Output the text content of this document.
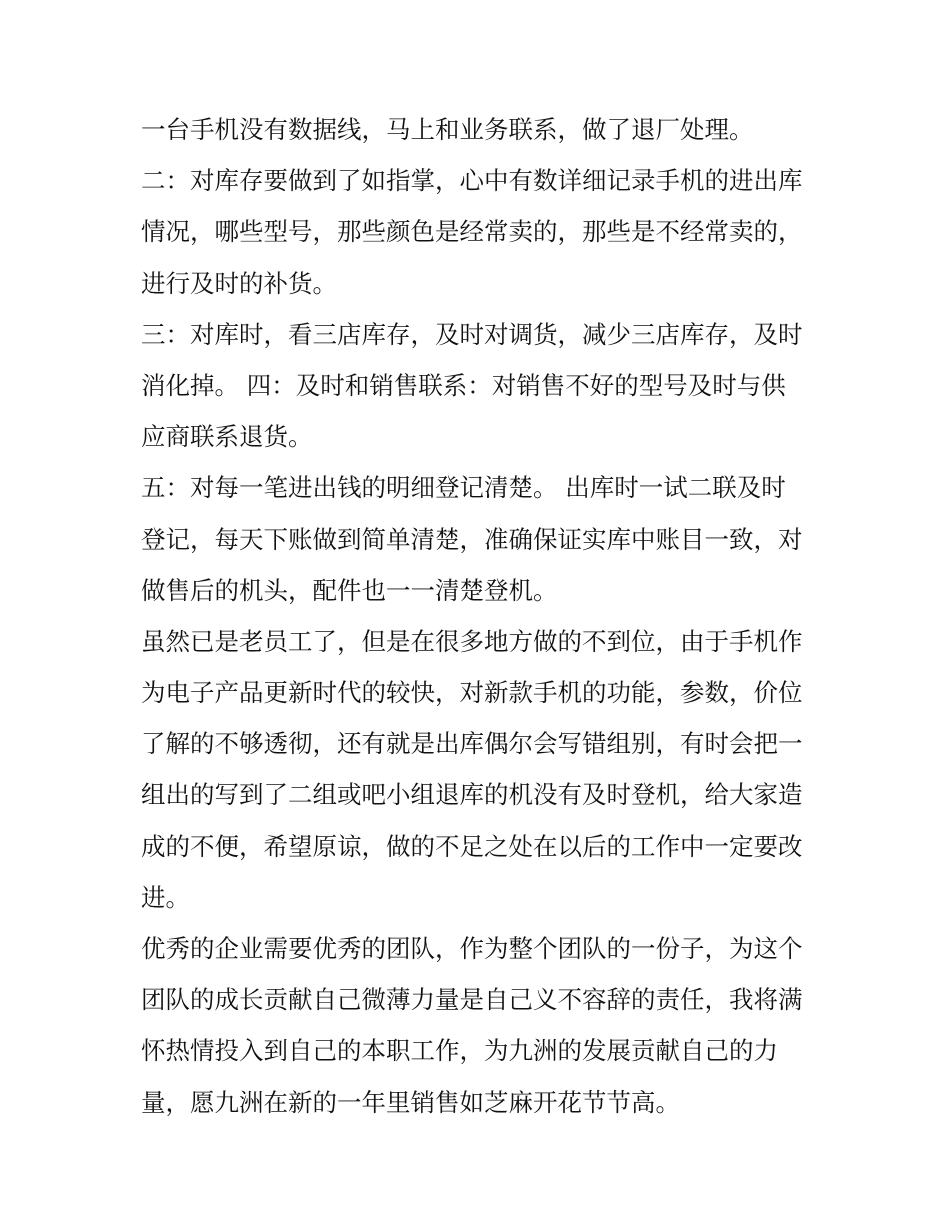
一台手机没有数据线，马上和业务联系，做了退厂处理。

二：对库存要做到了如指掌，心中有数详细记录手机的进出库

情况，哪些型号，那些颜色是经常卖的，那些是不经常卖的，

进行及时的补货。

三：对库时，看三店库存，及时对调货，减少三店库存，及时

消化掉。 四：及时和销售联系：对销售不好的型号及时与供

应商联系退货。

五：对每一笔进出钱的明细登记清楚。 出库时一试二联及时

登记，每天下账做到简单清楚，准确保证实库中账目一致，对

做售后的机头，配件也一一清楚登机。

虽然已是老员工了，但是在很多地方做的不到位，由于手机作

为电子产品更新时代的较快，对新款手机的功能，参数，价位

了解的不够透彻，还有就是出库偶尔会写错组别，有时会把一

组出的写到了二组或吧小组退库的机没有及时登机，给大家造

成的不便，希望原谅，做的不足之处在以后的工作中一定要改

进。

优秀的企业需要优秀的团队，作为整个团队的一份子，为这个

团队的成长贡献自己微薄力量是自己义不容辞的责任，我将满

怀热情投入到自己的本职工作，为九洲的发展贡献自己的力

量，愿九洲在新的一年里销售如芝麻开花节节高。
